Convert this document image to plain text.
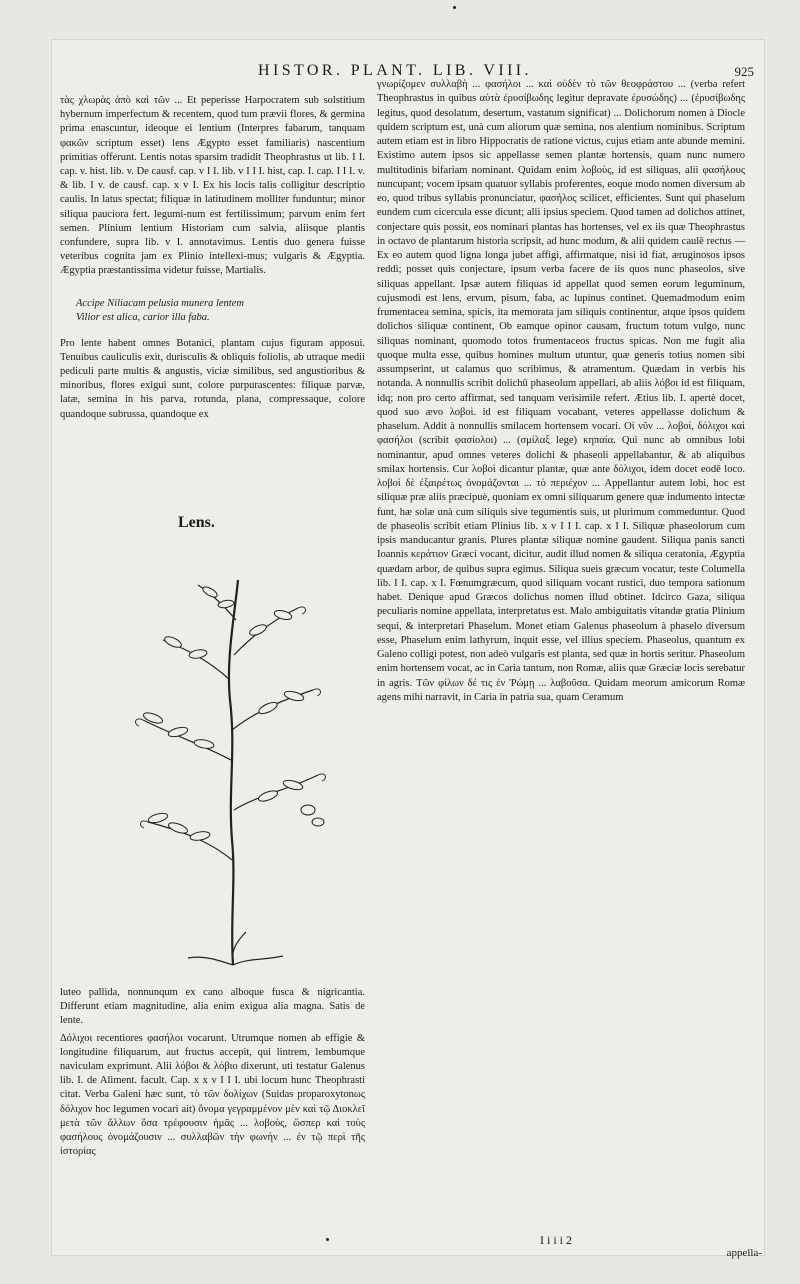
HISTOR. PLANT. LIB. VIII.	925

τὰς χλωρὰς ἀπὸ καὶ τῶν ... Et peperisse Harpocratem sub solstitium hybernum imperfectum & recentem, quod tum prævii flores, & germina prima enascuntur, ideoque ei lentium (Interpres fabarum, tanquam φακῶν scriptum esset) lens Ægypto esset familiaris) nascentium primitias offerunt. Lentis notas sparsim tradidit Theophrastus ut lib. I I. cap. v. hist. lib. v. De causf. cap. v I I. lib. v I I I. hist, cap. I. cap. I I I. v. & lib. I v. de causf. cap. x v I. Ex his locis talis colligitur descriptio caulis. In latus spectat; filiquæ in latitudinem molliter funduntur; minor siliqua pauciora fert. legumi-num est fertilissimum; parvum enim fert semen. Plinium lentium Historiam cum salvia, aliisque plantis confundere, supra lib. v I. annotavimus. Lentis duo genera fuisse veteribus cognita jam ex Plinio intellexi-mus; vulgaris & Ægyptia. Ægyptia præstantissima videtur fuisse, Martialis.

Accipe Niliacam pelusia munera lentem
Vilior est alica, carior illa faba.

Pro lente habent omnes Botanici, plantam cujus figuram apposui. Tenuibus cauliculis exit, durisculis & obliquis foliolis, ab utraque medii pediculi parte multis & angustis, viciæ similibus, sed angustioribus & minoribus, flores exigui sunt, colore purpurascentes: filiquæ parvæ, latæ, semina in his parva, rotunda, plana, compressaque, colore quandoque subrussa, quandoque ex

Lens.

luteo pallida, nonnunqum ex cano alboque fusca & nigricantia. Differunt etiam magnitudine, alia enim exigua alia magna. Satis de lente.

Δόλιχοι recentiores φασήλοι vocarunt. Utrumque nomen ab effigie & longitudine filiquarum, aut fructus accepit, qui lintrem, lembumque naviculam exprimunt. Alii λόβοι & λόβιο dixerunt, uti testatur Galenus lib. I. de Aliment. facult. Cap. x x v I I I. ubi locum hunc Theophrasti citat. Verba Galeni hæc sunt, τὸ τῶν δολίχων (Suidas proparoxytonως δόλιχον hoc legumen vocari ait) ὄνομα γεγραμμένον μὲν καὶ τῷ Διοκλεῖ μετὰ τῶν ἄλλων ὅσα τρέφουσιν ἡμᾶς ... λοβοὺς, ὥσπερ καὶ τοὺς φασήλους ὀνομάζουσιν ... συλλαβῶν τὴν φωνὴν ... ἐν τῷ περὶ τῆς ἱστορίας

γνωρίζομεν συλλαβὴ ... φασήλοι ... καὶ οὐδὲν τὸ τῶν θεοφράστου ... (verba refert Theophrastus in quibus αὐτὰ ἐρυσίβωδης legitur depravate ἐρυσώδης) ... (ἐρυσίβωδης legitus, quod desolatum, desertum, vastatum significat) ... Dolichorum nomen à Diocle quidem scriptum est, unà cum aliorum quæ semina, nos alentium nominibus. Scriptum autem etiam est in libro Hippocratis de ratione victus, cujus etiam ante abunde memini. Existimo autem ipsos sic appellasse semen plantæ hortensis, quam nunc numero multitudinis bifariam nominant. Quidam enim λοβοὺς, id est siliquas, alii φασήλους nuncupant; vocem ipsam quatuor syllabis proferentes, eoque modo nomen diversum ab eo, quod tribus syllabis pronunciatur, φασήλος scilicet, efficientes. Sunt qui phaselum eundem cum cicercula esse dicunt; alii ipsius speciem. Quod tamen ad dolichos attinet, conjectare quis possit, eos nominari plantas has hortenses, vel ex iis quæ Theophrastus in octavo de plantarum historia scripsit, ad hunc modum, & alii quidem caulē rectus — Ex eo autem quod ligna longa jubet affigi, affirmatque, nisi id fiat, æruginosos ipsos reddi; posset quis conjectare, ipsum verba facere de iis quos nunc phaseolos, sive siliquas appellant. Ipsæ autem filiquas id appellat quod semen eorum leguminum, cujusmodi est lens, ervum, pisum, faba, ac lupinus continet. Quemadmodum enim frumentacea semina, spicis, ita memorata jam siliquis continentur, atque ipsos quidem dolichos siliquæ continent, Ob eamque opinor causam, fructum totum vulgo, nunc siliquas nominant, quomodo totos frumentaceos fructus spicas. Non me fugit alia quoque multa esse, quibus homines multum utuntur, quæ generis totius nomen sibi assumpserint, ut calamus quo scribimus, & atramentum. Quædam in verbis his notanda. A nonnullis scribit dolichū phaseolum appellari, ab aliis λόβοι id est filiquam, idq; non pro certo affirmat, sed tanquam verisimile refert. Ætius lib. I. apertè docet, quod suo ævo λοβοὶ. id est filiquam vocabant, veteres appellasse dolichum & phaselum. Addit à nonnullis smilacem hortensem vocari. Οἱ νῦν ... λοβοί, δόλιχοι καὶ φασήλοι (scribit φασίολοι) ... (σμίλαξ lege) κηπαία. Qui nunc ab omnibus lobi nominantur, apud omnes veteres dolichi & phaseoli appellabantur, & ab aliquibus smilax hortensis. Cur λοβοὶ dicantur plantæ, quæ ante δόλιχοι, idem docet eodē loco. λοβοὶ δὲ ἐξαιρέτως ὀνομάζονται ... τὸ περιέχον ... Appellantur autem lobi, hoc est siliquæ præ aliis præcipuè, quoniam ex omni siliquarum genere quæ indumento intectæ funt, hæ solæ unà cum siliquis sive tegumentis suis, ut plurimum commeduntur. Quod de phaseolis scribit etiam Plinius lib. x v I I I. cap. x I I. Siliquæ phaseolorum cum ipsis manducantur granis. Plures plantæ siliquæ nomine gaudent. Siliqua panis sancti Ioannis κεράτιον Græci vocant, dicitur, audit illud nomen & siliqua ceratonia, Ægyptia quædam arbor, de quibus supra egimus. Siliqua sueis græcum vocatur, teste Columella lib. I I. cap. x I. Fœnumgræcum, quod siliquam vocant rustici, duo tempora sationum habet. Denique apud Græcos dolichus nomen illud obtinet. Idcirco Gaza, siliqua peculiaris nomine appellata, interpretatus est. Malo ambiguitatis vitandæ gratia Plinium sequi, & interpretari Phaselum. Monet etiam Galenus phaseolum à phaselo diversum esse, Phaselum enim lathyrum, inquit esse, vel illius speciem. Phaseolus, quantum ex Galeno colligi potest, non adeò vulgaris est planta, sed quæ in hortis seritur. Phaseolum enim hortensem vocat, ac in Caria tantum, non Romæ, aliis quæ Græciæ locis serebatur in agris. Τῶν φίλων δέ τις ἐν Ῥώμῃ ... λαβοῦσα. Quidam meorum amicorum Romæ agens mihi narravit, in Caria in patria sua, quam Ceramum

I i i i 2
appella-
